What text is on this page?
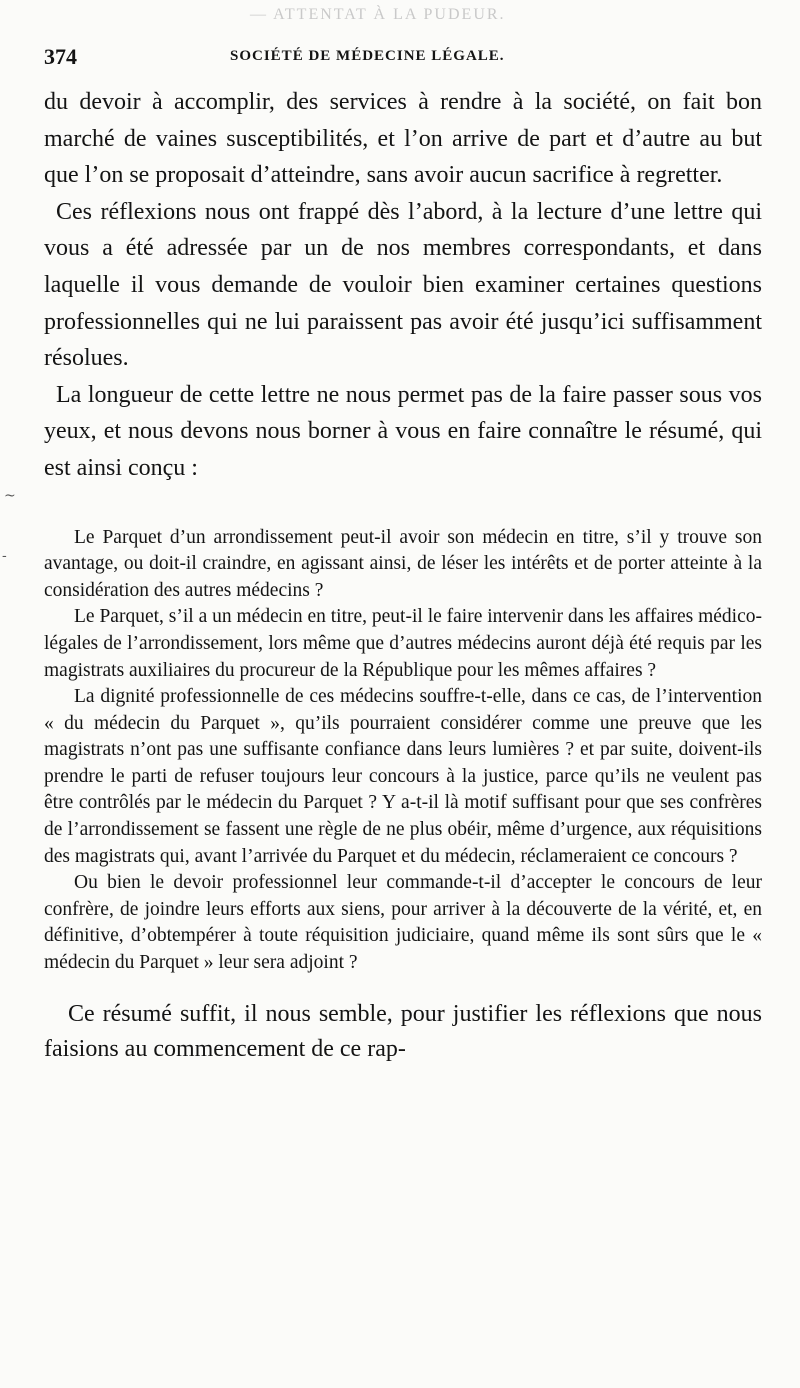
— ATTENTAT À LA PUDEUR.
374	SOCIÉTÉ DE MÉDECINE LÉGALE.

du devoir à accomplir, des services à rendre à la société, on fait bon marché de vaines susceptibilités, et l’on arrive de part et d’autre au but que l’on se proposait d’atteindre, sans avoir aucun sacrifice à regretter.

Ces réflexions nous ont frappé dès l’abord, à la lecture d’une lettre qui vous a été adressée par un de nos membres correspondants, et dans laquelle il vous demande de vouloir bien examiner certaines questions professionnelles qui ne lui paraissent pas avoir été jusqu’ici suffisamment résolues.

La longueur de cette lettre ne nous permet pas de la faire passer sous vos yeux, et nous devons nous borner à vous en faire connaître le résumé, qui est ainsi conçu :

Le Parquet d’un arrondissement peut-il avoir son médecin en titre, s’il y trouve son avantage, ou doit-il craindre, en agissant ainsi, de léser les intérêts et de porter atteinte à la considération des autres médecins ?

Le Parquet, s’il a un médecin en titre, peut-il le faire intervenir dans les affaires médico-légales de l’arrondissement, lors même que d’autres médecins auront déjà été requis par les magistrats auxiliaires du procureur de la République pour les mêmes affaires ?

La dignité professionnelle de ces médecins souffre-t-elle, dans ce cas, de l’intervention « du médecin du Parquet », qu’ils pourraient considérer comme une preuve que les magistrats n’ont pas une suffisante confiance dans leurs lumières ? et par suite, doivent-ils prendre le parti de refuser toujours leur concours à la justice, parce qu’ils ne veulent pas être contrôlés par le médecin du Parquet ? Y a-t-il là motif suffisant pour que ses confrères de l’arrondissement se fassent une règle de ne plus obéir, même d’urgence, aux réquisitions des magistrats qui, avant l’arrivée du Parquet et du médecin, réclameraient ce concours ?

Ou bien le devoir professionnel leur commande-t-il d’accepter le concours de leur confrère, de joindre leurs efforts aux siens, pour arriver à la découverte de la vérité, et, en définitive, d’obtempérer à toute réquisition judiciaire, quand même ils sont sûrs que le « médecin du Parquet » leur sera adjoint ?

Ce résumé suffit, il nous semble, pour justifier les réflexions que nous faisions au commencement de ce rap-

~
-
